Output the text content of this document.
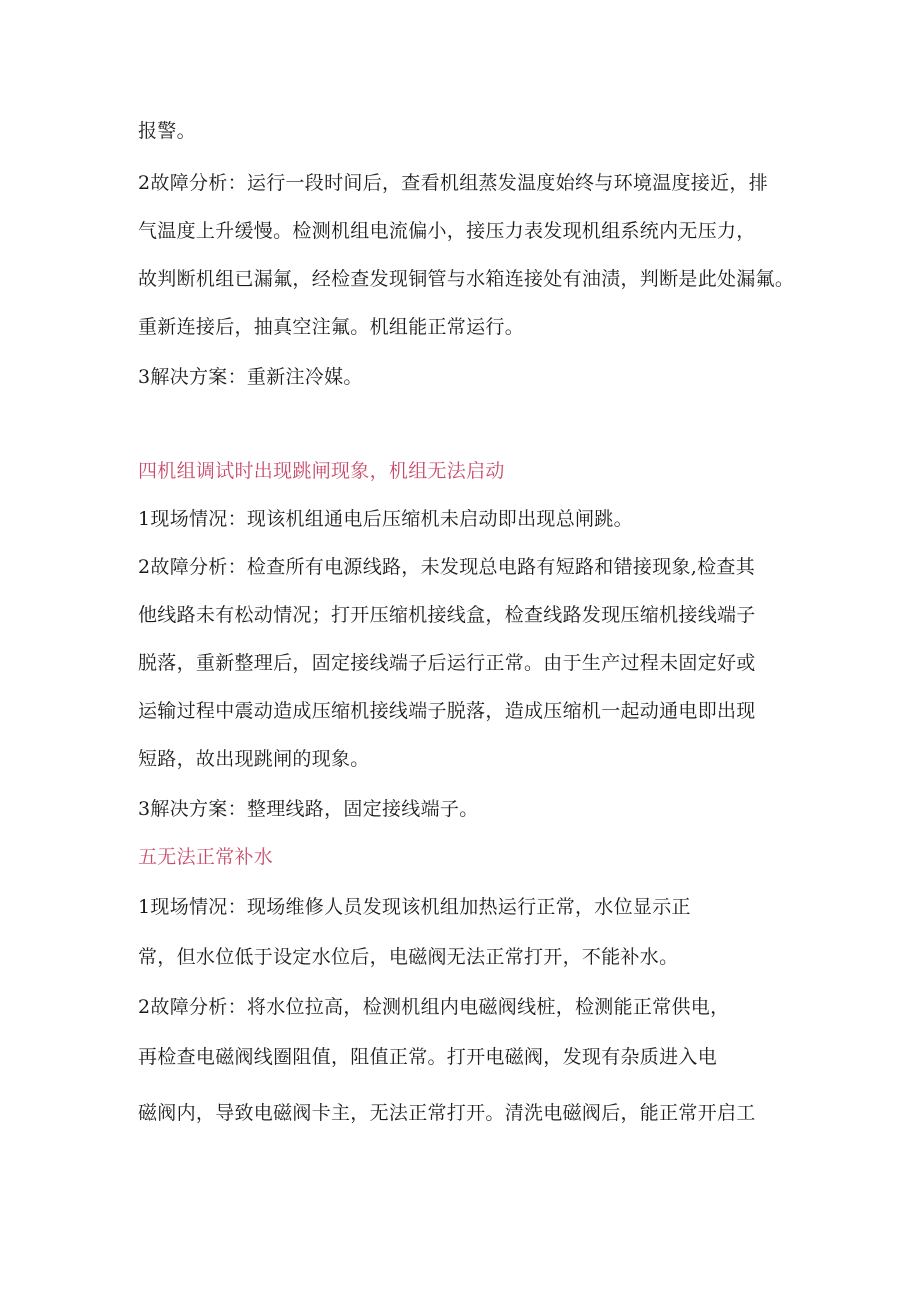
报警。
2故障分析：运行一段时间后，查看机组蒸发温度始终与环境温度接近，排
气温度上升缓慢。检测机组电流偏小，接压力表发现机组系统内无压力，
故判断机组已漏氟，经检查发现铜管与水箱连接处有油渍，判断是此处漏氟。
重新连接后，抽真空注氟。机组能正常运行。
3解决方案：重新注冷媒。
四机组调试时出现跳闸现象，机组无法启动
1现场情况：现该机组通电后压缩机未启动即出现总闸跳。
2故障分析：检查所有电源线路，未发现总电路有短路和错接现象,检查其
他线路未有松动情况；打开压缩机接线盒，检查线路发现压缩机接线端子
脱落，重新整理后，固定接线端子后运行正常。由于生产过程未固定好或
运输过程中震动造成压缩机接线端子脱落，造成压缩机一起动通电即出现
短路，故出现跳闸的现象。
3解决方案：整理线路，固定接线端子。
五无法正常补水
1现场情况：现场维修人员发现该机组加热运行正常，水位显示正
常，但水位低于设定水位后，电磁阀无法正常打开，不能补水。
2故障分析：将水位拉高，检测机组内电磁阀线桩，检测能正常供电，
再检查电磁阀线圈阻值，阻值正常。打开电磁阀，发现有杂质进入电
磁阀内，导致电磁阀卡主，无法正常打开。清洗电磁阀后，能正常开启工
